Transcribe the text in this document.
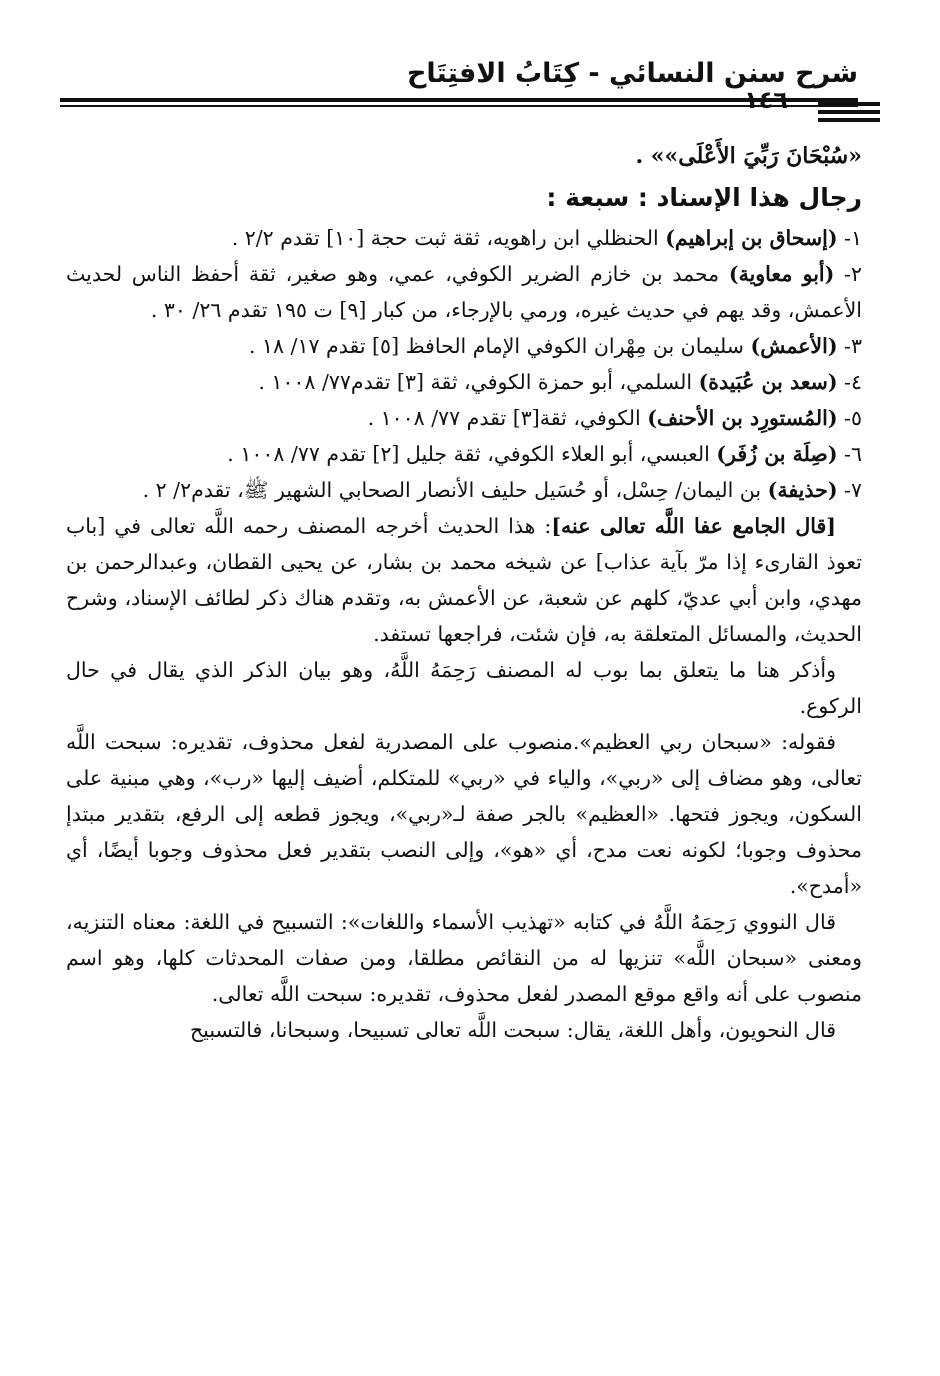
شرح سنن النسائي - كِتَابُ الافتِتَاح
١٤٦

«سُبْحَانَ رَبِّيَ الأَعْلَى»» .

رجال هذا الإسناد : سبعة :

١- (إسحاق بن إبراهيم) الحنظلي ابن راهويه، ثقة ثبت حجة [١٠] تقدم ٢/٢ .

٢- (أبو معاوية) محمد بن خازم الضرير الكوفي، عمي، وهو صغير، ثقة أحفظ الناس لحديث الأعمش، وقد يهم في حديث غيره، ورمي بالإرجاء، من كبار [٩] ت ١٩٥ تقدم ٢٦/ ٣٠ .

٣- (الأعمش) سليمان بن مِهْران الكوفي الإمام الحافظ [٥] تقدم ١٧/ ١٨ .

٤- (سعد بن عُبَيدة) السلمي، أبو حمزة الكوفي، ثقة [٣] تقدم٧٧/ ١٠٠٨ .

٥- (المُستورِد بن الأحنف) الكوفي، ثقة[٣] تقدم ٧٧/ ١٠٠٨ .

٦- (صِلَة بن زُفَر) العبسي، أبو العلاء الكوفي، ثقة جليل [٢] تقدم ٧٧/ ١٠٠٨ .

٧- (حذيفة) بن اليمان/ حِسْل، أو حُسَيل حليف الأنصار الصحابي الشهير ﷺ، تقدم٢/ ٢ .

[قال الجامع عفا اللَّه تعالى عنه]: هذا الحديث أخرجه المصنف رحمه اللَّه تعالى في [باب تعوذ القارىء إذا مرّ بآية عذاب] عن شيخه محمد بن بشار، عن يحيى القطان، وعبدالرحمن بن مهدي، وابن أبي عديّ، كلهم عن شعبة، عن الأعمش به، وتقدم هناك ذكر لطائف الإسناد، وشرح الحديث، والمسائل المتعلقة به، فإن شئت، فراجعها تستفد.

وأذكر هنا ما يتعلق بما بوب له المصنف رَحِمَهُ اللَّهُ، وهو بيان الذكر الذي يقال في حال الركوع.

فقوله: «سبحان ربي العظيم».منصوب على المصدرية لفعل محذوف، تقديره: سبحت اللَّه تعالى، وهو مضاف إلى «ربي»، والياء في «ربي» للمتكلم، أضيف إليها «رب»، وهي مبنية على السكون، ويجوز فتحها. «العظيم» بالجر صفة لـ«ربي»، ويجوز قطعه إلى الرفع، بتقدير مبتدإ محذوف وجوبا؛ لكونه نعت مدح، أي «هو»، وإلى النصب بتقدير فعل محذوف وجوبا أيضًا، أي «أمدح».

قال النووي رَحِمَهُ اللَّهُ في كتابه «تهذيب الأسماء واللغات»: التسبيح في اللغة: معناه التنزيه، ومعنى «سبحان اللَّه» تنزيها له من النقائص مطلقا، ومن صفات المحدثات كلها، وهو اسم منصوب على أنه واقع موقع المصدر لفعل محذوف، تقديره: سبحت اللَّه تعالى.

قال النحويون، وأهل اللغة، يقال: سبحت اللَّه تعالى تسبيحا، وسبحانا، فالتسبيح
